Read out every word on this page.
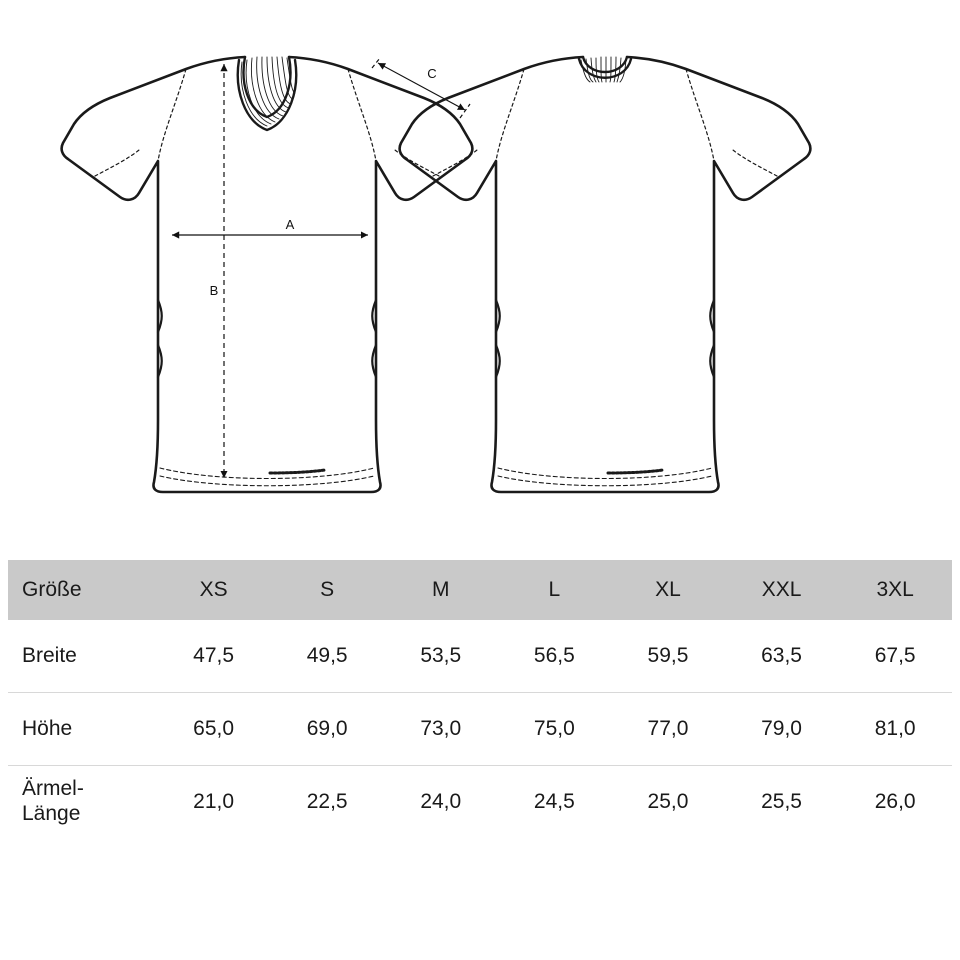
A
B
C
Größe	XS	S	M	L	XL	XXL	3XL
Breite	47,5	49,5	53,5	56,5	59,5	63,5	67,5
Höhe	65,0	69,0	73,0	75,0	77,0	79,0	81,0
Ärmel-
Länge	21,0	22,5	24,0	24,5	25,0	25,5	26,0
